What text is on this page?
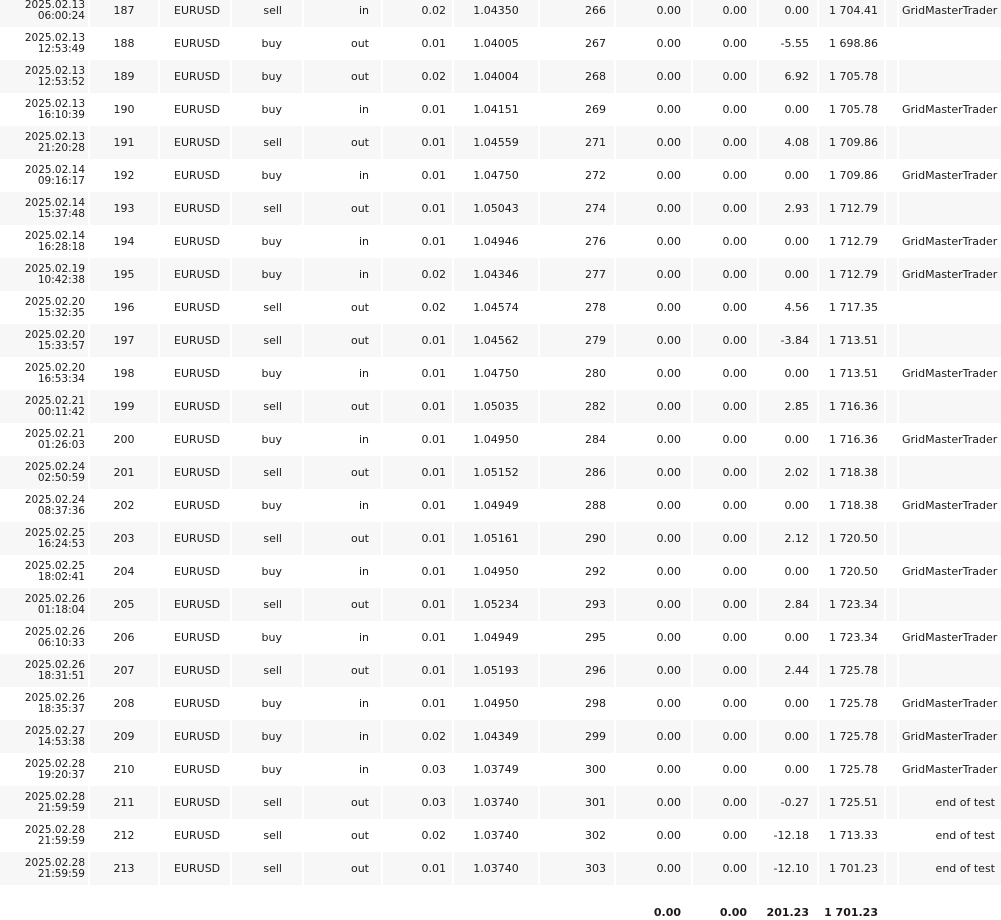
2025.02.13
06:00:24	187	EURUSD	sell	in	0.02	1.04350	266	0.00	0.00	0.00	1 704.41		GridMasterTrader

2025.02.13
12:53:49	188	EURUSD	buy	out	0.01	1.04005	267	0.00	0.00	-5.55	1 698.86		

2025.02.13
12:53:52	189	EURUSD	buy	out	0.02	1.04004	268	0.00	0.00	6.92	1 705.78		

2025.02.13
16:10:39	190	EURUSD	buy	in	0.01	1.04151	269	0.00	0.00	0.00	1 705.78		GridMasterTrader

2025.02.13
21:20:28	191	EURUSD	sell	out	0.01	1.04559	271	0.00	0.00	4.08	1 709.86		

2025.02.14
09:16:17	192	EURUSD	buy	in	0.01	1.04750	272	0.00	0.00	0.00	1 709.86		GridMasterTrader

2025.02.14
15:37:48	193	EURUSD	sell	out	0.01	1.05043	274	0.00	0.00	2.93	1 712.79		

2025.02.14
16:28:18	194	EURUSD	buy	in	0.01	1.04946	276	0.00	0.00	0.00	1 712.79		GridMasterTrader

2025.02.19
10:42:38	195	EURUSD	buy	in	0.02	1.04346	277	0.00	0.00	0.00	1 712.79		GridMasterTrader

2025.02.20
15:32:35	196	EURUSD	sell	out	0.02	1.04574	278	0.00	0.00	4.56	1 717.35		

2025.02.20
15:33:57	197	EURUSD	sell	out	0.01	1.04562	279	0.00	0.00	-3.84	1 713.51		

2025.02.20
16:53:34	198	EURUSD	buy	in	0.01	1.04750	280	0.00	0.00	0.00	1 713.51		GridMasterTrader

2025.02.21
00:11:42	199	EURUSD	sell	out	0.01	1.05035	282	0.00	0.00	2.85	1 716.36		

2025.02.21
01:26:03	200	EURUSD	buy	in	0.01	1.04950	284	0.00	0.00	0.00	1 716.36		GridMasterTrader

2025.02.24
02:50:59	201	EURUSD	sell	out	0.01	1.05152	286	0.00	0.00	2.02	1 718.38		

2025.02.24
08:37:36	202	EURUSD	buy	in	0.01	1.04949	288	0.00	0.00	0.00	1 718.38		GridMasterTrader

2025.02.25
16:24:53	203	EURUSD	sell	out	0.01	1.05161	290	0.00	0.00	2.12	1 720.50		

2025.02.25
18:02:41	204	EURUSD	buy	in	0.01	1.04950	292	0.00	0.00	0.00	1 720.50		GridMasterTrader

2025.02.26
01:18:04	205	EURUSD	sell	out	0.01	1.05234	293	0.00	0.00	2.84	1 723.34		

2025.02.26
06:10:33	206	EURUSD	buy	in	0.01	1.04949	295	0.00	0.00	0.00	1 723.34		GridMasterTrader

2025.02.26
18:31:51	207	EURUSD	sell	out	0.01	1.05193	296	0.00	0.00	2.44	1 725.78		

2025.02.26
18:35:37	208	EURUSD	buy	in	0.01	1.04950	298	0.00	0.00	0.00	1 725.78		GridMasterTrader

2025.02.27
14:53:38	209	EURUSD	buy	in	0.02	1.04349	299	0.00	0.00	0.00	1 725.78		GridMasterTrader

2025.02.28
19:20:37	210	EURUSD	buy	in	0.03	1.03749	300	0.00	0.00	0.00	1 725.78		GridMasterTrader

2025.02.28
21:59:59	211	EURUSD	sell	out	0.03	1.03740	301	0.00	0.00	-0.27	1 725.51		end of test

2025.02.28
21:59:59	212	EURUSD	sell	out	0.02	1.03740	302	0.00	0.00	-12.18	1 713.33		end of test

2025.02.28
21:59:59	213	EURUSD	sell	out	0.01	1.03740	303	0.00	0.00	-12.10	1 701.23		end of test
								0.00	0.00	201.23	1 701.23		
